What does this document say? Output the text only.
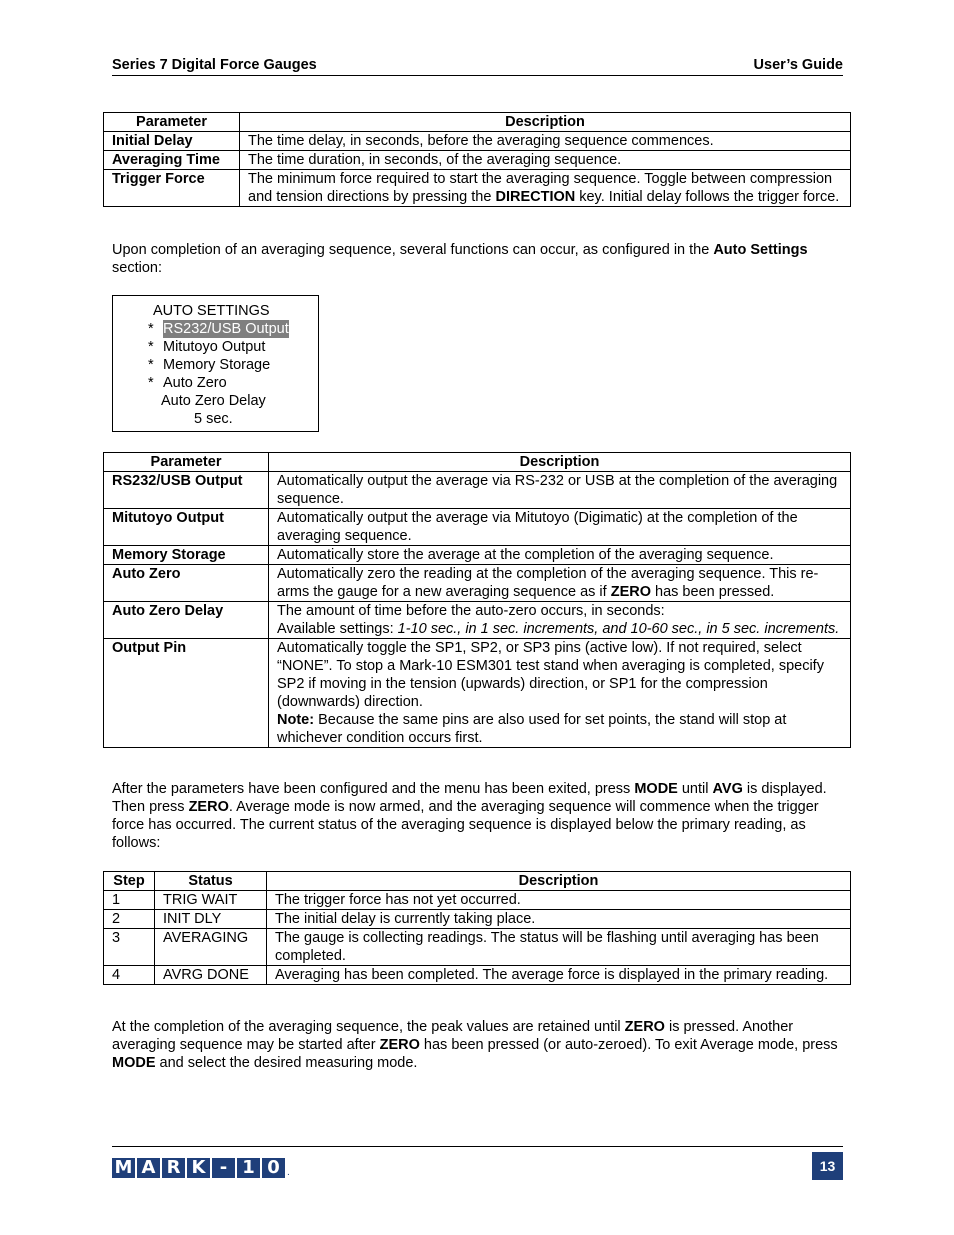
Series 7 Digital Force Gauges	User’s Guide
Parameter	Description
Initial Delay	The time delay, in seconds, before the averaging sequence commences.
Averaging Time	The time duration, in seconds, of the averaging sequence.
Trigger Force	The minimum force required to start the averaging sequence. Toggle between compression and tension directions by pressing the DIRECTION key. Initial delay follows the trigger force.

Upon completion of an averaging sequence, several functions can occur, as configured in the Auto Settings section:

AUTO SETTINGS
* RS232/USB Output
* Mitutoyo Output
* Memory Storage
* Auto Zero
Auto Zero Delay
5 sec.
Parameter	Description
RS232/USB Output	Automatically output the average via RS-232 or USB at the completion of the averaging sequence.
Mitutoyo Output	Automatically output the average via Mitutoyo (Digimatic) at the completion of the averaging sequence.
Memory Storage	Automatically store the average at the completion of the averaging sequence.
Auto Zero	Automatically zero the reading at the completion of the averaging sequence. This re-arms the gauge for a new averaging sequence as if ZERO has been pressed.
Auto Zero Delay	The amount of time before the auto-zero occurs, in seconds:
Available settings: 1-10 sec., in 1 sec. increments, and 10-60 sec., in 5 sec. increments.
Output Pin	Automatically toggle the SP1, SP2, or SP3 pins (active low). If not required, select “NONE”. To stop a Mark-10 ESM301 test stand when averaging is completed, specify SP2 if moving in the tension (upwards) direction, or SP1 for the compression (downwards) direction.
Note: Because the same pins are also used for set points, the stand will stop at whichever condition occurs first.

After the parameters have been configured and the menu has been exited, press MODE until AVG is displayed. Then press ZERO. Average mode is now armed, and the averaging sequence will commence when the trigger force has occurred. The current status of the averaging sequence is displayed below the primary reading, as follows:

Step	Status	Description
1	TRIG WAIT	The trigger force has not yet occurred.
2	INIT DLY	The initial delay is currently taking place.
3	AVERAGING	The gauge is collecting readings. The status will be flashing until averaging has been completed.
4	AVRG DONE	Averaging has been completed. The average force is displayed in the primary reading.

At the completion of the averaging sequence, the peak values are retained until ZERO is pressed. Another averaging sequence may be started after ZERO has been pressed (or auto-zeroed). To exit Average mode, press MODE and select the desired measuring mode.

M A R K - 1 0 .	13
